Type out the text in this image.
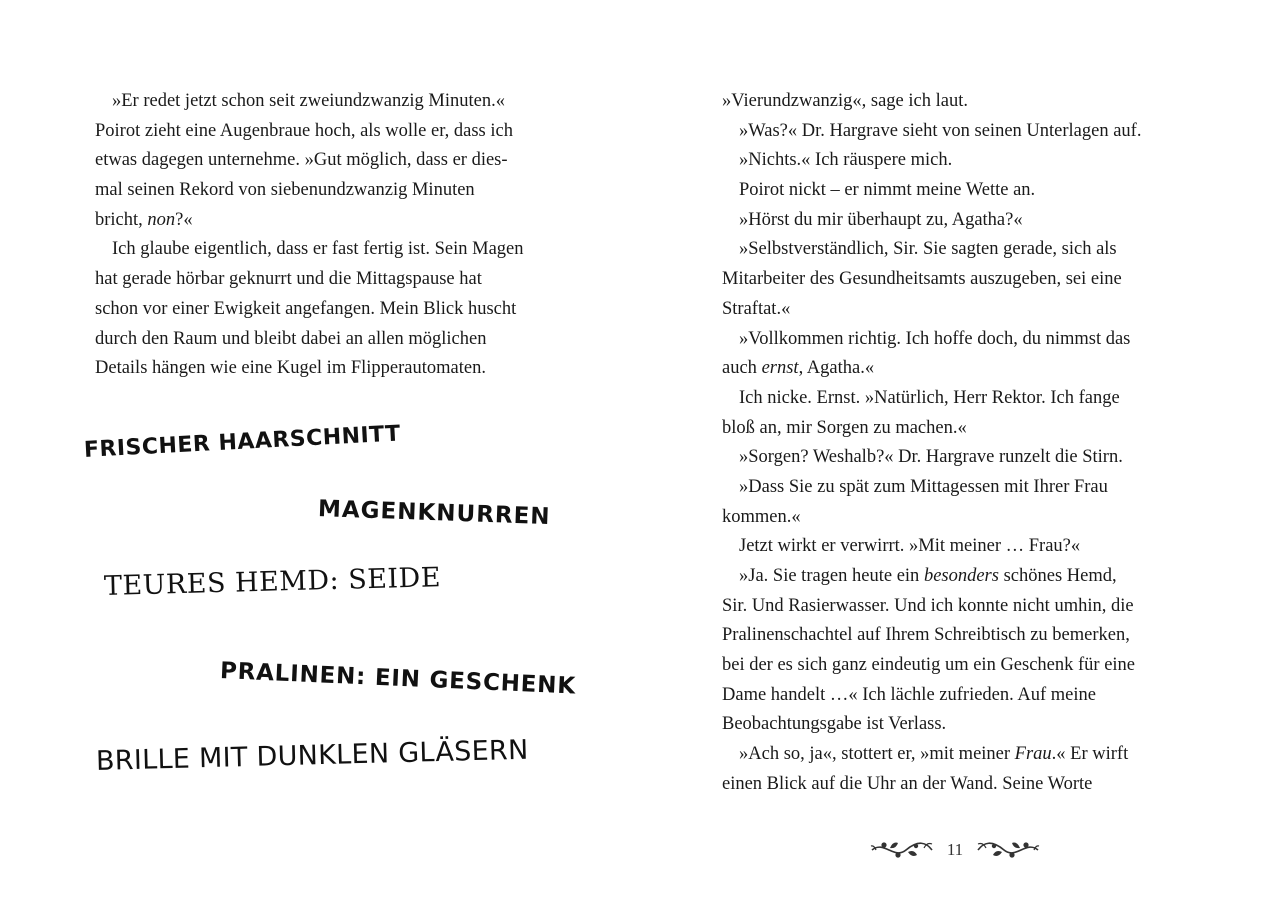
»Er redet jetzt schon seit zweiundzwanzig Minuten.«
Poirot zieht eine Augenbraue hoch, als wolle er, dass ich
etwas dagegen unternehme. »Gut möglich, dass er dies-
mal seinen Rekord von siebenundzwanzig Minuten
bricht, non?«
Ich glaube eigentlich, dass er fast fertig ist. Sein Magen
hat gerade hörbar geknurrt und die Mittagspause hat
schon vor einer Ewigkeit angefangen. Mein Blick huscht
durch den Raum und bleibt dabei an allen möglichen
Details hängen wie eine Kugel im Flipperautomaten.
FRISCHER HAARSCHNITT
MAGENKNURREN
TEURES HEMD: SEIDE
PRALINEN: EIN GESCHENK
BRILLE MIT DUNKLEN GLÄSERN
»Vierundzwanzig«, sage ich laut.
»Was?« Dr. Hargrave sieht von seinen Unterlagen auf.
»Nichts.« Ich räuspere mich.
Poirot nickt – er nimmt meine Wette an.
»Hörst du mir überhaupt zu, Agatha?«
»Selbstverständlich, Sir. Sie sagten gerade, sich als
Mitarbeiter des Gesundheitsamts auszugeben, sei eine
Straftat.«
»Vollkommen richtig. Ich hoffe doch, du nimmst das
auch ernst, Agatha.«
Ich nicke. Ernst. »Natürlich, Herr Rektor. Ich fange
bloß an, mir Sorgen zu machen.«
»Sorgen? Weshalb?« Dr. Hargrave runzelt die Stirn.
»Dass Sie zu spät zum Mittagessen mit Ihrer Frau
kommen.«
Jetzt wirkt er verwirrt. »Mit meiner … Frau?«
»Ja. Sie tragen heute ein besonders schönes Hemd,
Sir. Und Rasierwasser. Und ich konnte nicht umhin, die
Pralinenschachtel auf Ihrem Schreibtisch zu bemerken,
bei der es sich ganz eindeutig um ein Geschenk für eine
Dame handelt …« Ich lächle zufrieden. Auf meine
Beobachtungsgabe ist Verlass.
»Ach so, ja«, stottert er, »mit meiner Frau.« Er wirft
einen Blick auf die Uhr an der Wand. Seine Worte
11
